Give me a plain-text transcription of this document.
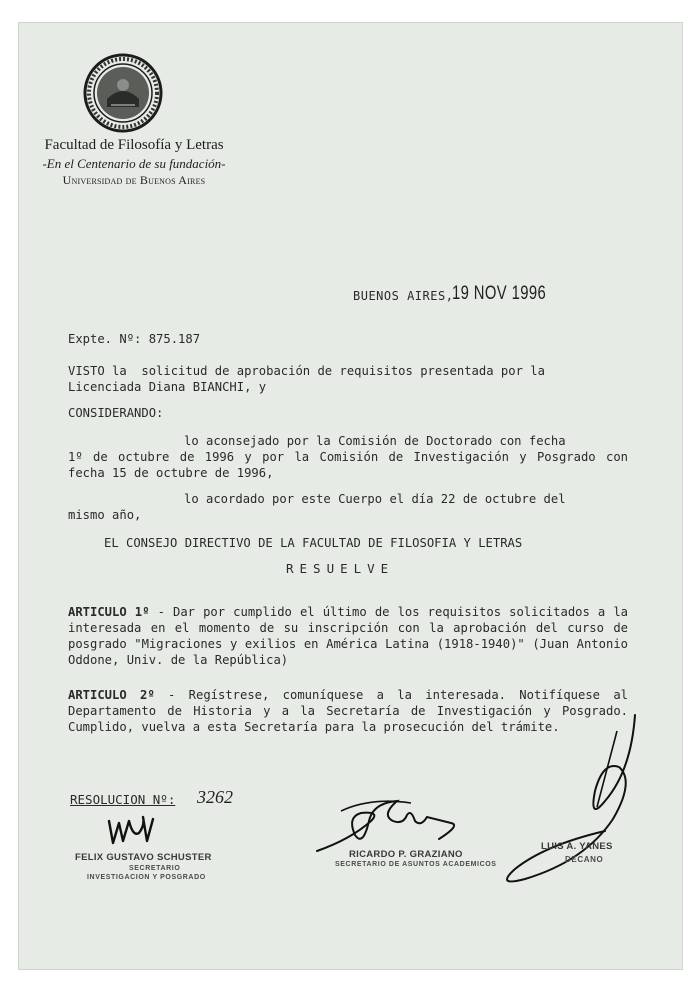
Facultad de Filosofía y Letras
-En el Centenario de su fundación-
Universidad de Buenos Aires
BUENOS AIRES,
19 NOV 1996
Expte. Nº: 875.187
VISTO la  solicitud de aprobación de requisitos presentada por la
Licenciada Diana BIANCHI, y
CONSIDERANDO:
lo aconsejado por la Comisión de Doctorado con fecha
1º de octubre de 1996 y por la Comisión de Investigación y Posgrado con fecha 15 de octubre de 1996,
lo acordado por este Cuerpo el día 22 de octubre del
mismo año,
EL CONSEJO DIRECTIVO DE LA FACULTAD DE FILOSOFIA Y LETRAS
RESUELVE
ARTICULO 1º - Dar por cumplido el último de los requisitos solicitados a la interesada en el momento de su inscripción con la aprobación del curso de posgrado "Migraciones y exilios en América Latina (1918-1940)" (Juan Antonio Oddone, Univ. de la República)
ARTICULO 2º - Regístrese, comuníquese a la interesada. Notifíquese al Departamento de Historia y a la Secretaría de Investigación y Posgrado. Cumplido, vuelva a esta Secretaría para la prosecución del trámite.
RESOLUCION Nº: 3262
FELIX GUSTAVO SCHUSTER
SECRETARIO
INVESTIGACION Y POSGRADO
RICARDO P. GRAZIANO
SECRETARIO DE ASUNTOS ACADEMICOS
LUIS A. YANES
DECANO
